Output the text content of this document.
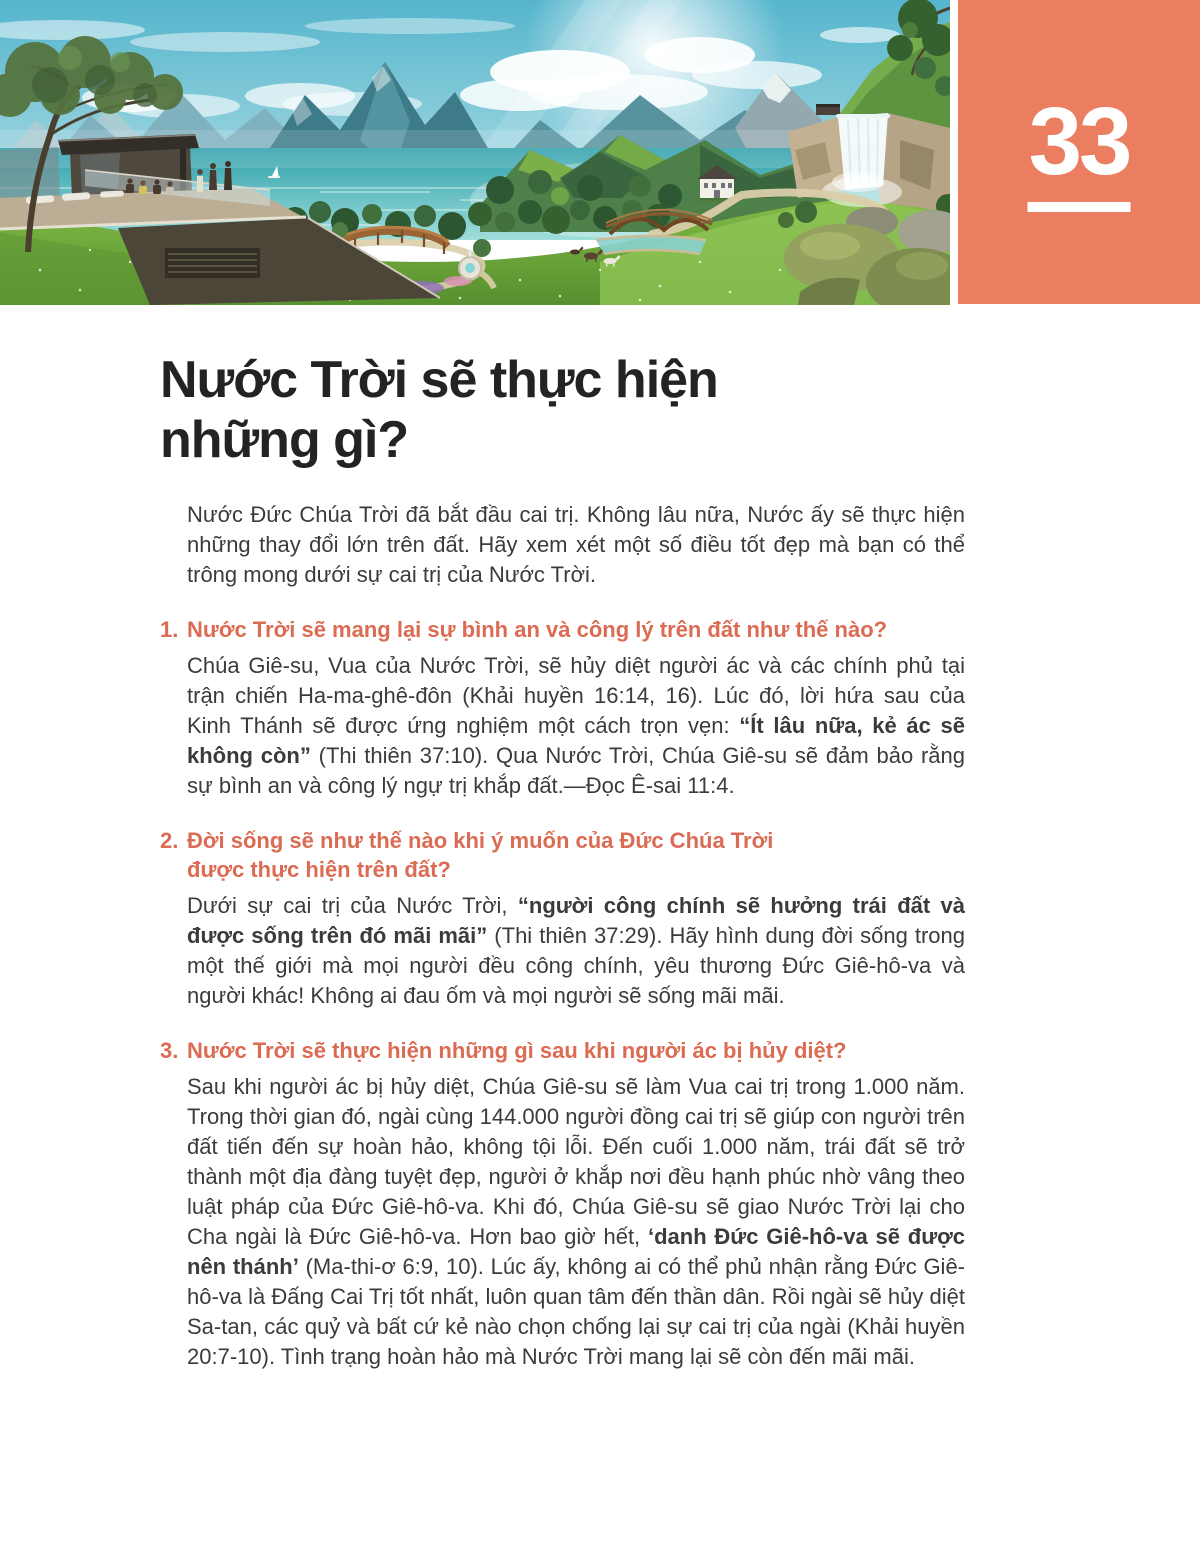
33
Nước Trời sẽ thực hiện
những gì?

Nước Đức Chúa Trời đã bắt đầu cai trị. Không lâu nữa, Nước ấy sẽ thực hiện những thay đổi lớn trên đất. Hãy xem xét một số điều tốt đẹp mà bạn có thể trông mong dưới sự cai trị của Nước Trời.

1. Nước Trời sẽ mang lại sự bình an và công lý trên đất như thế nào?

Chúa Giê-su, Vua của Nước Trời, sẽ hủy diệt người ác và các chính phủ tại trận chiến Ha-ma-ghê-đôn (Khải huyền 16:14, 16). Lúc đó, lời hứa sau của Kinh Thánh sẽ được ứng nghiệm một cách trọn vẹn: “Ít lâu nữa, kẻ ác sẽ không còn” (Thi thiên 37:10). Qua Nước Trời, Chúa Giê-su sẽ đảm bảo rằng sự bình an và công lý ngự trị khắp đất.—Đọc Ê-sai 11:4.

2. Đời sống sẽ như thế nào khi ý muốn của Đức Chúa Trời
được thực hiện trên đất?

Dưới sự cai trị của Nước Trời, “người công chính sẽ hưởng trái đất và được sống trên đó mãi mãi” (Thi thiên 37:29). Hãy hình dung đời sống trong một thế giới mà mọi người đều công chính, yêu thương Đức Giê-hô-va và người khác! Không ai đau ốm và mọi người sẽ sống mãi mãi.

3. Nước Trời sẽ thực hiện những gì sau khi người ác bị hủy diệt?

Sau khi người ác bị hủy diệt, Chúa Giê-su sẽ làm Vua cai trị trong 1.000 năm. Trong thời gian đó, ngài cùng 144.000 người đồng cai trị sẽ giúp con người trên đất tiến đến sự hoàn hảo, không tội lỗi. Đến cuối 1.000 năm, trái đất sẽ trở thành một địa đàng tuyệt đẹp, người ở khắp nơi đều hạnh phúc nhờ vâng theo luật pháp của Đức Giê-hô-va. Khi đó, Chúa Giê-su sẽ giao Nước Trời lại cho Cha ngài là Đức Giê-hô-va. Hơn bao giờ hết, ‘danh Đức Giê-hô-va sẽ được nên thánh’ (Ma-thi-ơ 6:9, 10). Lúc ấy, không ai có thể phủ nhận rằng Đức Giê-hô-va là Đấng Cai Trị tốt nhất, luôn quan tâm đến thần dân. Rồi ngài sẽ hủy diệt Sa-tan, các quỷ và bất cứ kẻ nào chọn chống lại sự cai trị của ngài (Khải huyền 20:7-10). Tình trạng hoàn hảo mà Nước Trời mang lại sẽ còn đến mãi mãi.
